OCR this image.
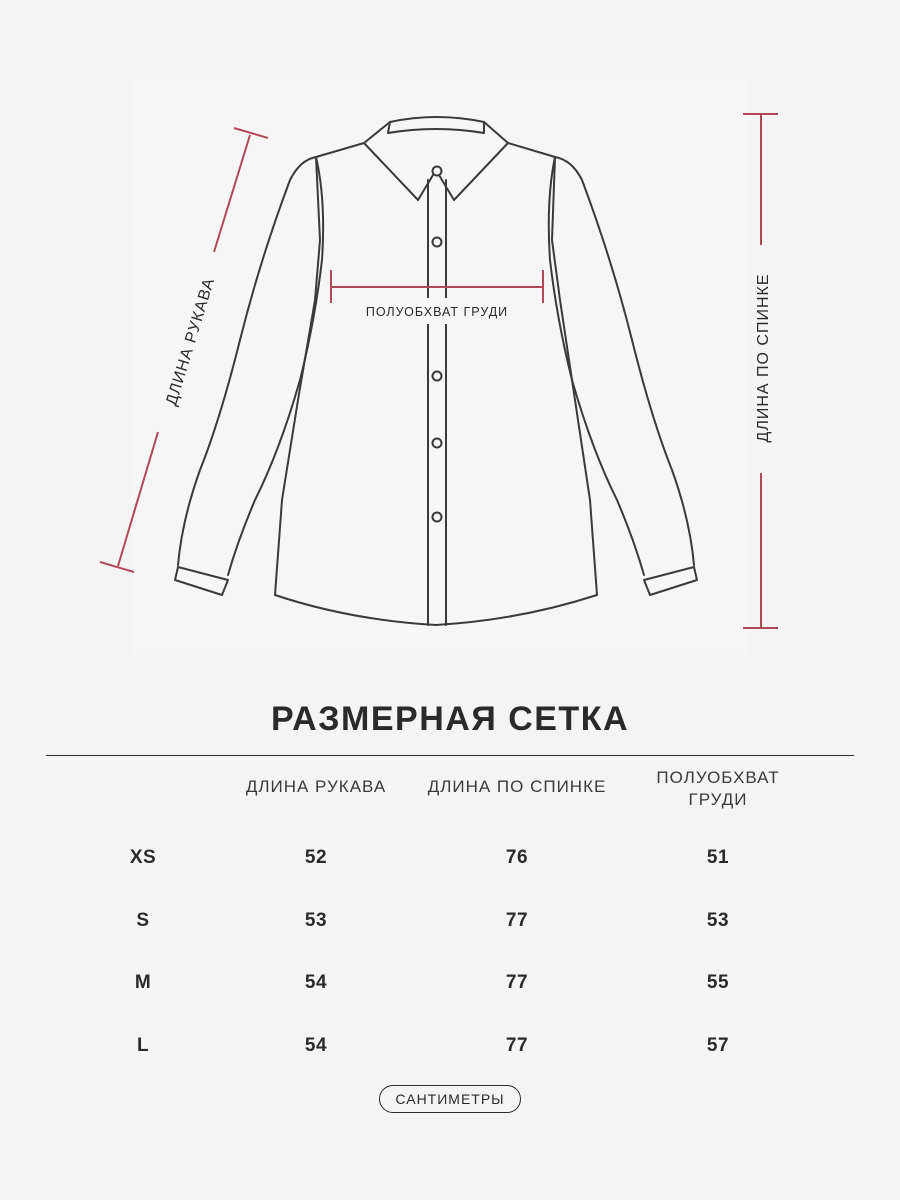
ДЛИНА РУКАВА	ПОЛУОБХВАТ ГРУДИ	ДЛИНА ПО СПИНКЕ
РАЗМЕРНАЯ СЕТКА
ДЛИНА РУКАВА	ДЛИНА ПО СПИНКЕ	ПОЛУОБХВАТ
ГРУДИ
XS	52	76	51
S	53	77	53
M	54	77	55
L	54	77	57
САНТИМЕТРЫ
